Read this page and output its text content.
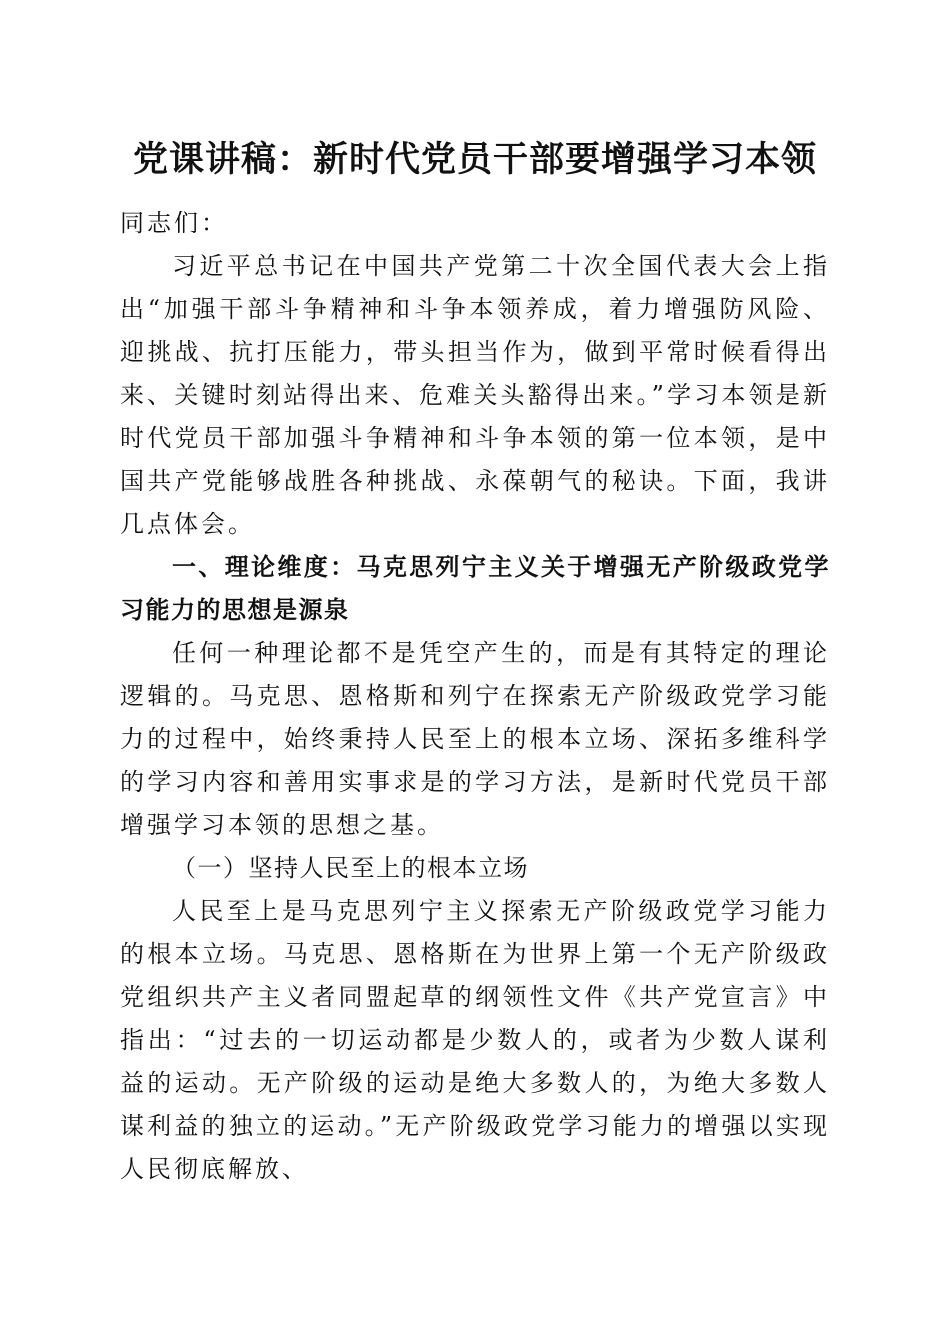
党课讲稿：新时代党员干部要增强学习本领

同志们：

习近平总书记在中国共产党第二十次全国代表大会上指出“加强干部斗争精神和斗争本领养成，着力增强防风险、迎挑战、抗打压能力，带头担当作为，做到平常时候看得出来、关键时刻站得出来、危难关头豁得出来。”学习本领是新时代党员干部加强斗争精神和斗争本领的第一位本领，是中国共产党能够战胜各种挑战、永葆朝气的秘诀。下面，我讲几点体会。

一、理论维度：马克思列宁主义关于增强无产阶级政党学习能力的思想是源泉

任何一种理论都不是凭空产生的，而是有其特定的理论逻辑的。马克思、恩格斯和列宁在探索无产阶级政党学习能力的过程中，始终秉持人民至上的根本立场、深拓多维科学的学习内容和善用实事求是的学习方法，是新时代党员干部增强学习本领的思想之基。

（一）坚持人民至上的根本立场

人民至上是马克思列宁主义探索无产阶级政党学习能力的根本立场。马克思、恩格斯在为世界上第一个无产阶级政党组织共产主义者同盟起草的纲领性文件《共产党宣言》中指出：“过去的一切运动都是少数人的，或者为少数人谋利益的运动。无产阶级的运动是绝大多数人的，为绝大多数人谋利益的独立的运动。”无产阶级政党学习能力的增强以实现人民彻底解放、
